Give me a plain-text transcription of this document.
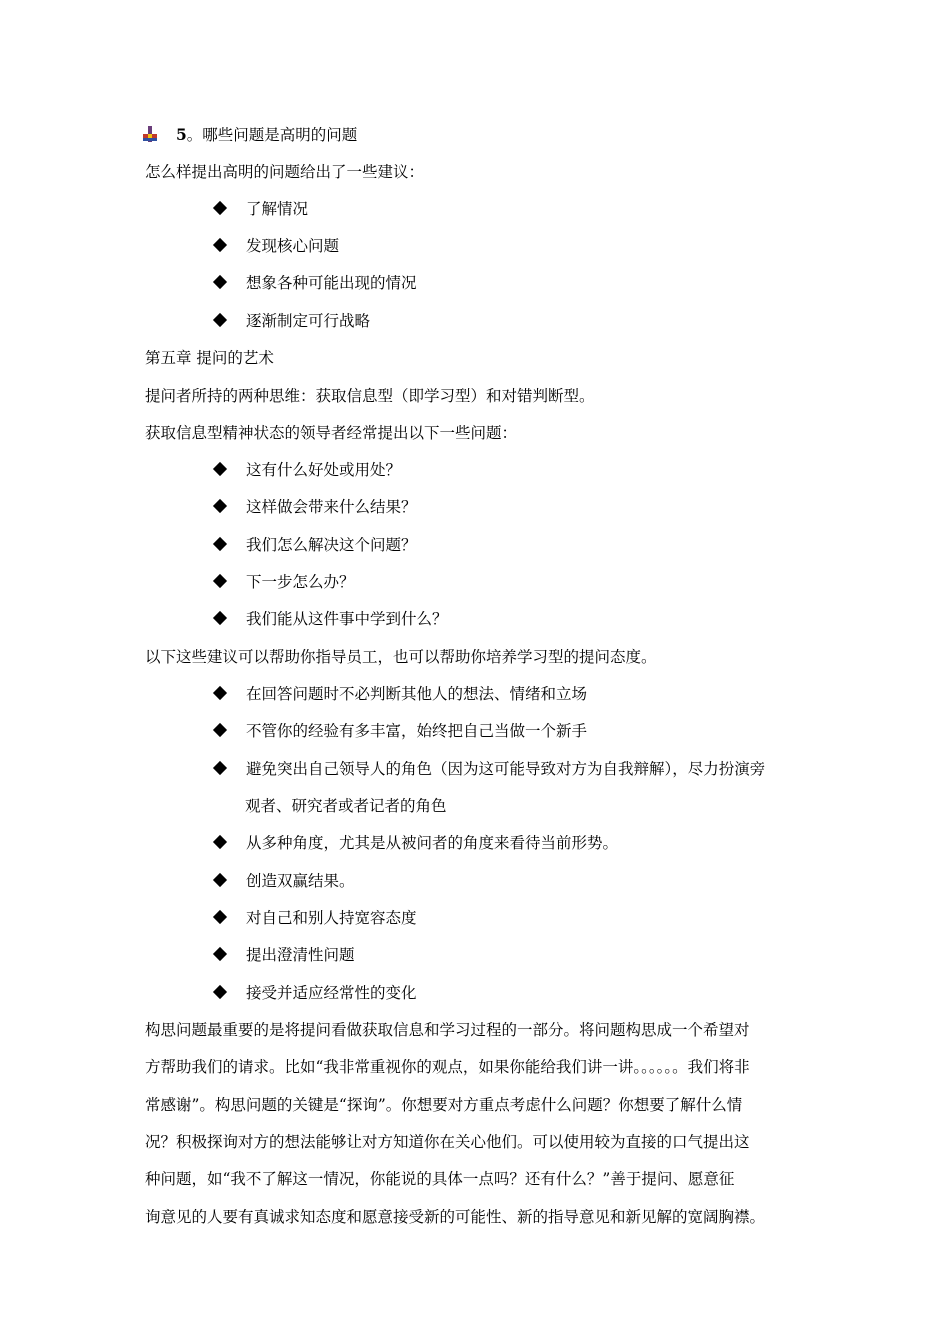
5。哪些问题是高明的问题
怎么样提出高明的问题给出了一些建议：
了解情况
发现核心问题
想象各种可能出现的情况
逐渐制定可行战略
第五章 提问的艺术
提问者所持的两种思维：获取信息型（即学习型）和对错判断型。
获取信息型精神状态的领导者经常提出以下一些问题：
这有什么好处或用处？
这样做会带来什么结果？
我们怎么解决这个问题？
下一步怎么办？
我们能从这件事中学到什么？
以下这些建议可以帮助你指导员工，也可以帮助你培养学习型的提问态度。
在回答问题时不必判断其他人的想法、情绪和立场
不管你的经验有多丰富，始终把自己当做一个新手
避免突出自己领导人的角色（因为这可能导致对方为自我辩解），尽力扮演旁
观者、研究者或者记者的角色
从多种角度，尤其是从被问者的角度来看待当前形势。
创造双赢结果。
对自己和别人持宽容态度
提出澄清性问题
接受并适应经常性的变化
构思问题最重要的是将提问看做获取信息和学习过程的一部分。将问题构思成一个希望对
方帮助我们的请求。比如“我非常重视你的观点，如果你能给我们讲一讲。。。。。。我们将非
常感谢”。构思问题的关键是“探询”。你想要对方重点考虑什么问题？你想要了解什么情
况？积极探询对方的想法能够让对方知道你在关心他们。可以使用较为直接的口气提出这
种问题，如“我不了解这一情况，你能说的具体一点吗？还有什么？”善于提问、愿意征
询意见的人要有真诚求知态度和愿意接受新的可能性、新的指导意见和新见解的宽阔胸襟。
